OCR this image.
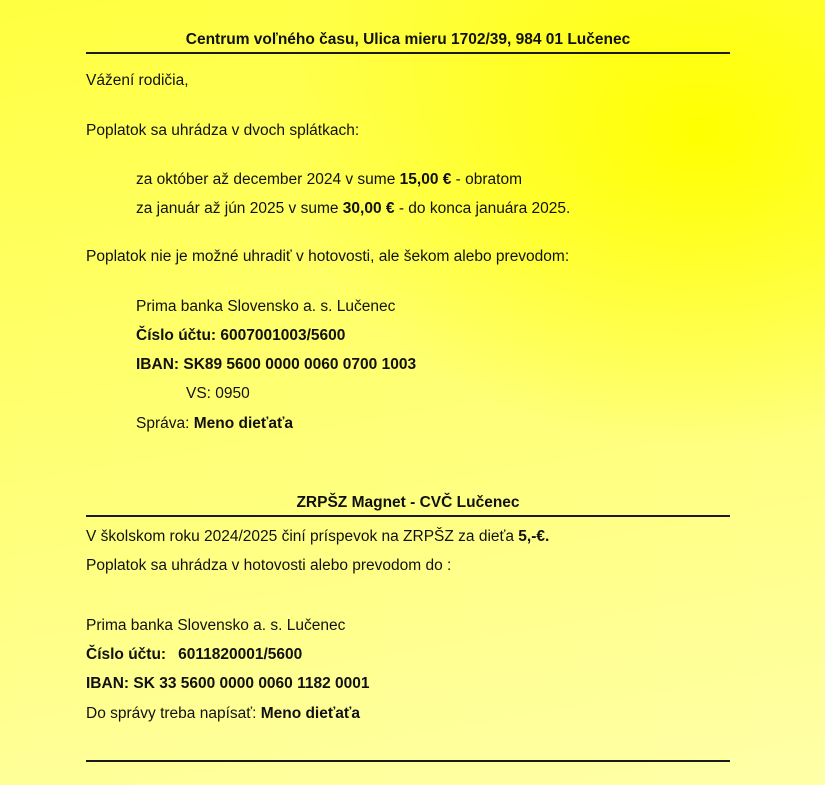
Centrum voľného času, Ulica mieru 1702/39, 984 01 Lučenec
Vážení rodičia,
Poplatok sa uhrádza v dvoch splátkach:
za október až december 2024 v sume 15,00 € - obratom
za január až jún 2025 v sume 30,00 € - do konca januára 2025.
Poplatok nie je možné uhradiť v hotovosti, ale šekom alebo prevodom:
Prima banka Slovensko a. s. Lučenec
Číslo účtu: 6007001003/5600
IBAN: SK89 5600 0000 0060 0700 1003
VS: 0950
Správa: Meno dieťaťa
ZRPŠZ Magnet - CVČ Lučenec
V školskom roku 2024/2025 činí príspevok na ZRPŠZ za dieťa 5,-€.
Poplatok sa uhrádza v hotovosti alebo prevodom do :
Prima banka Slovensko a. s. Lučenec
Číslo účtu: 6011820001/5600
IBAN: SK 33 5600 0000 0060 1182 0001
Do správy treba napísať: Meno dieťaťa
